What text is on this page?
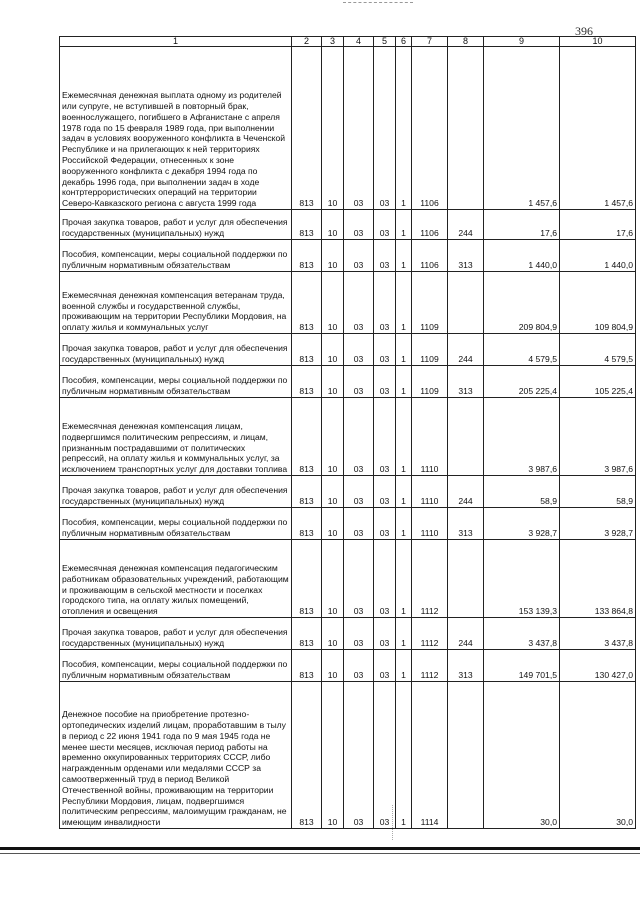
396
1	2	3	4	5	6	7	8	9	10
Ежемесячная денежная выплата одному из родителей или супруге, не вступившей в повторный брак, военнослужащего, погибшего в Афганистане с апреля 1978 года по 15 февраля 1989 года, при выполнении задач в условиях вооруженного конфликта в Чеченской Республике и на прилегающих к ней территориях Российской Федерации, отнесенных к зоне вооруженного конфликта с декабря 1994 года по декабрь 1996 года, при выполнении задач в ходе контртеррористических операций на территории Северо-Кавказского региона с августа 1999 года	813	10	03	03	1	1106		1 457,6	1 457,6
Прочая закупка товаров, работ и услуг для обеспечения государственных (муниципальных) нужд	813	10	03	03	1	1106	244	17,6	17,6
Пособия, компенсации, меры социальной поддержки по публичным нормативным обязательствам	813	10	03	03	1	1106	313	1 440,0	1 440,0
Ежемесячная денежная компенсация ветеранам труда, военной службы и государственной службы, проживающим на территории Республики Мордовия, на оплату жилья и коммунальных услуг	813	10	03	03	1	1109		209 804,9	109 804,9
Прочая закупка товаров, работ и услуг для обеспечения государственных (муниципальных) нужд	813	10	03	03	1	1109	244	4 579,5	4 579,5
Пособия, компенсации, меры социальной поддержки по публичным нормативным обязательствам	813	10	03	03	1	1109	313	205 225,4	105 225,4
Ежемесячная денежная компенсация лицам, подвергшимся политическим репрессиям, и лицам, признанным пострадавшими от политических репрессий, на оплату жилья и коммунальных услуг, за исключением транспортных услуг для доставки топлива	813	10	03	03	1	1110		3 987,6	3 987,6
Прочая закупка товаров, работ и услуг для обеспечения государственных (муниципальных) нужд	813	10	03	03	1	1110	244	58,9	58,9
Пособия, компенсации, меры социальной поддержки по публичным нормативным обязательствам	813	10	03	03	1	1110	313	3 928,7	3 928,7
Ежемесячная денежная компенсация педагогическим работникам образовательных учреждений, работающим и проживающим в сельской местности и поселках городского типа, на оплату жилых помещений, отопления и освещения	813	10	03	03	1	1112		153 139,3	133 864,8
Прочая закупка товаров, работ и услуг для обеспечения государственных (муниципальных) нужд	813	10	03	03	1	1112	244	3 437,8	3 437,8
Пособия, компенсации, меры социальной поддержки по публичным нормативным обязательствам	813	10	03	03	1	1112	313	149 701,5	130 427,0
Денежное пособие на приобретение протезно-ортопедических изделий лицам, проработавшим в тылу в период с 22 июня 1941 года по 9 мая 1945 года не менее шести месяцев, исключая период работы на временно оккупированных территориях СССР, либо награжденным орденами или медалями СССР за самоотверженный труд в период Великой Отечественной войны, проживающим на территории Республики Мордовия, лицам, подвергшимся политическим репрессиям, малоимущим гражданам, не имеющим инвалидности	813	10	03	03	1	1114		30,0	30,0
